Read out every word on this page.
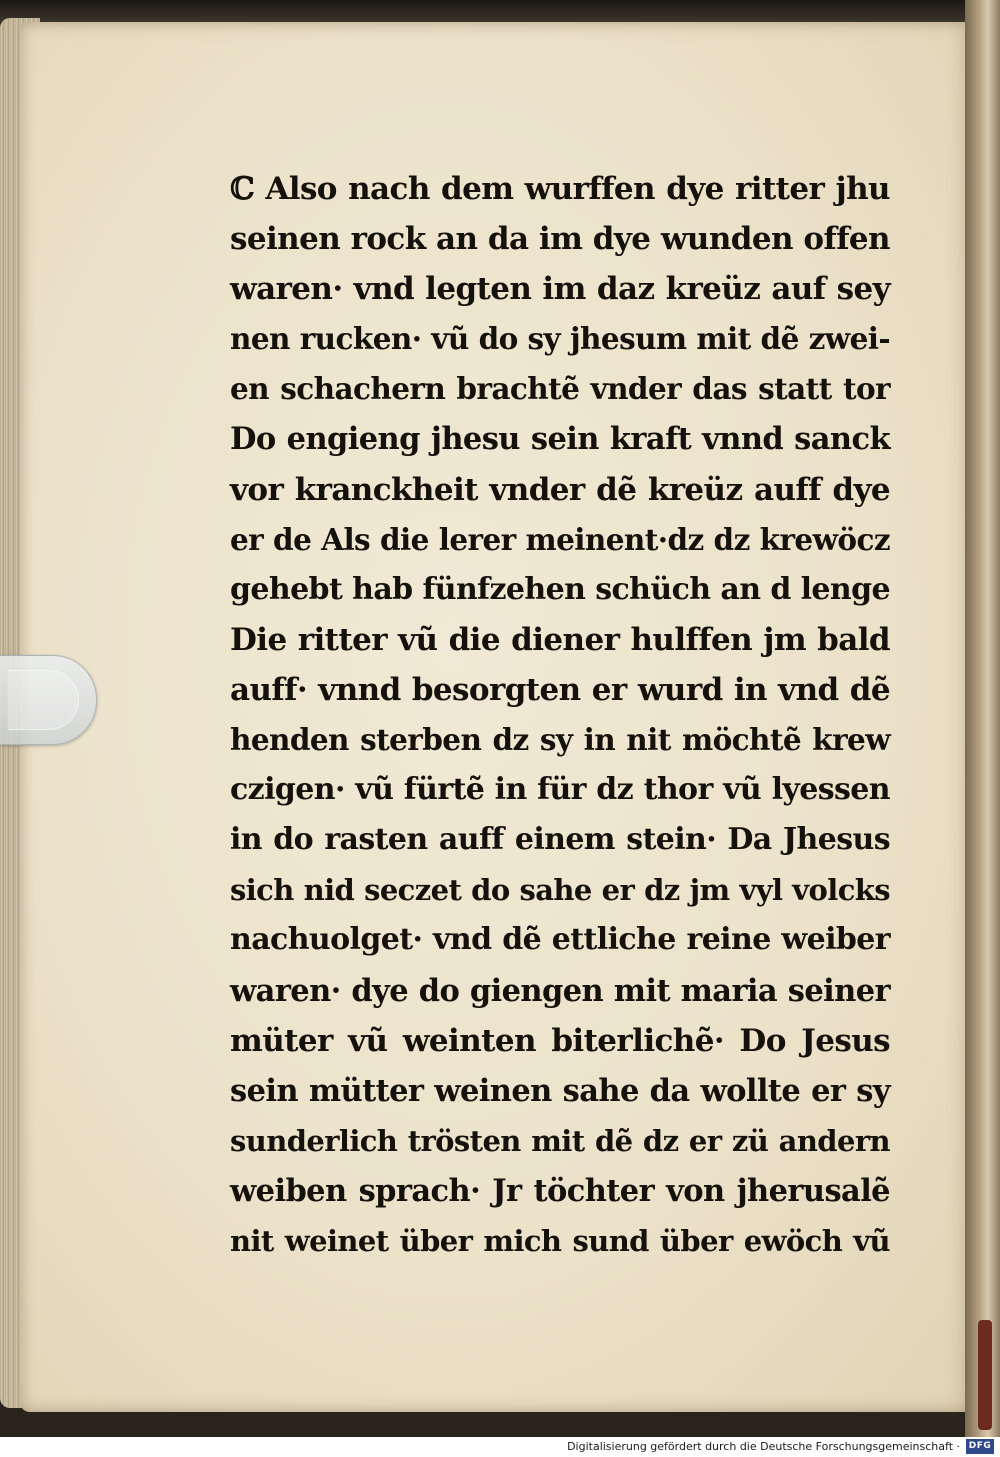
ℂ Also nach dem wurffen dye ritter jhu
seinen rock an da im dye wunden offen
waren· vnd legten im daz kreüz auf sey
nen rucken· vũ do sy jhesum mit dẽ zwei-
en schachern brachtẽ vnder das statt tor
Do engieng jhesu sein kraft vnnd sanck
vor kranckheit vnder dẽ kreüz auff dye
er de Als die lerer meinent·dz dz krewöcz
gehebt hab fünfzehen schüch an d lenge
Die ritter vũ die diener hulffen jm bald
auff· vnnd besorgten er wurd in vnd dẽ
henden sterben dz sy in nit möchtẽ krew
czigen· vũ fürtẽ in für dz thor vũ lyessen
in do rasten auff einem stein· Da Jhesus
sich nid seczet do sahe er dz jm vyl volcks
nachuolget· vnd dẽ ettliche reine weiber
waren· dye do giengen mit maria seiner
müter vũ weinten biterlichẽ· Do Jesus
sein mütter weinen sahe da wollte er sy
sunderlich trösten mit dẽ dz er zü andern
weiben sprach· Jr töchter von jherusalẽ
nit weinet über mich sund über ewöch vũ
Digitalisierung gefördert durch die Deutsche Forschungsgemeinschaft · DFG
